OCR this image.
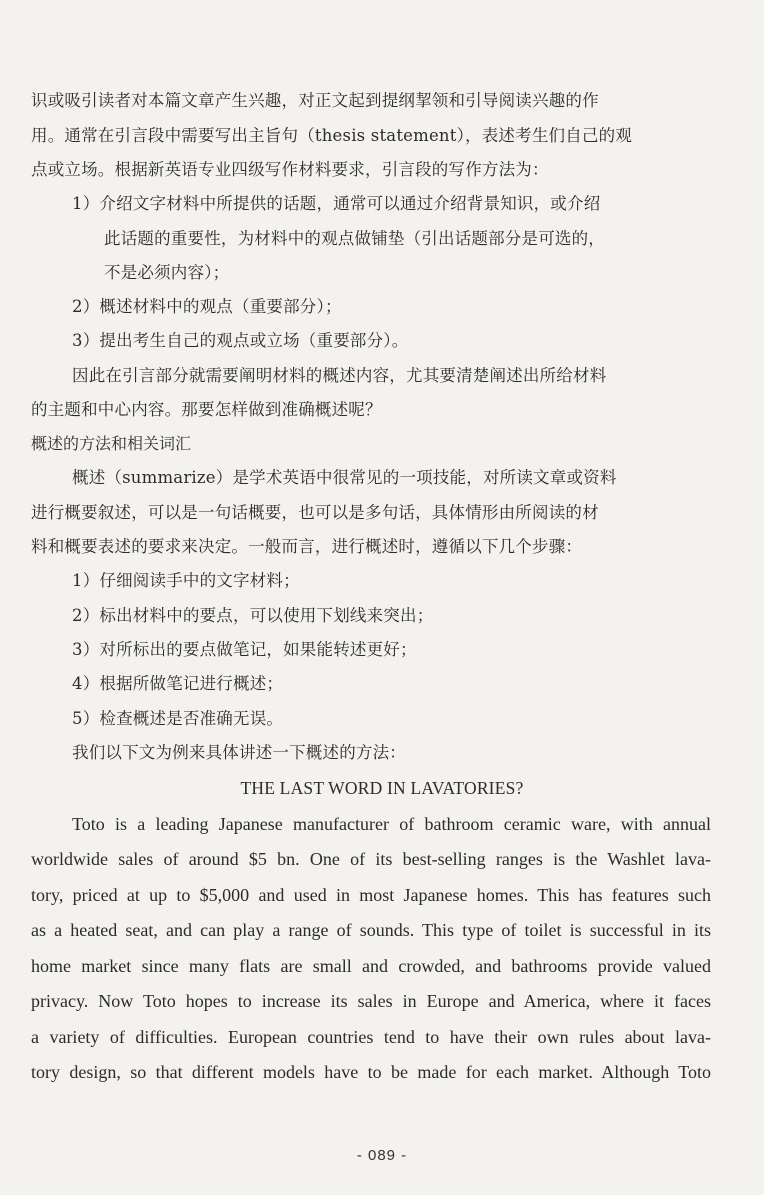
识或吸引读者对本篇文章产生兴趣，对正文起到提纲挈领和引导阅读兴趣的作
用。通常在引言段中需要写出主旨句（thesis statement），表述考生们自己的观
点或立场。根据新英语专业四级写作材料要求，引言段的写作方法为：
1）介绍文字材料中所提供的话题，通常可以通过介绍背景知识，或介绍
此话题的重要性，为材料中的观点做铺垫（引出话题部分是可选的，
不是必须内容）；
2）概述材料中的观点（重要部分）；
3）提出考生自己的观点或立场（重要部分）。
因此在引言部分就需要阐明材料的概述内容，尤其要清楚阐述出所给材料
的主题和中心内容。那要怎样做到准确概述呢？
概述的方法和相关词汇
概述（summarize）是学术英语中很常见的一项技能，对所读文章或资料
进行概要叙述，可以是一句话概要，也可以是多句话，具体情形由所阅读的材
料和概要表述的要求来决定。一般而言，进行概述时，遵循以下几个步骤：
1）仔细阅读手中的文字材料；
2）标出材料中的要点，可以使用下划线来突出；
3）对所标出的要点做笔记，如果能转述更好；
4）根据所做笔记进行概述；
5）检查概述是否准确无误。
我们以下文为例来具体讲述一下概述的方法：
THE LAST WORD IN LAVATORIES?
Toto is a leading Japanese manufacturer of bathroom ceramic ware, with annual
worldwide sales of around $5 bn. One of its best-selling ranges is the Washlet lava-
tory, priced at up to $5,000 and used in most Japanese homes. This has features such
as a heated seat, and can play a range of sounds. This type of toilet is successful in its
home market since many flats are small and crowded, and bathrooms provide valued
privacy. Now Toto hopes to increase its sales in Europe and America, where it faces
a variety of difficulties. European countries tend to have their own rules about lava-
tory design, so that different models have to be made for each market. Although Toto
- 089 -
